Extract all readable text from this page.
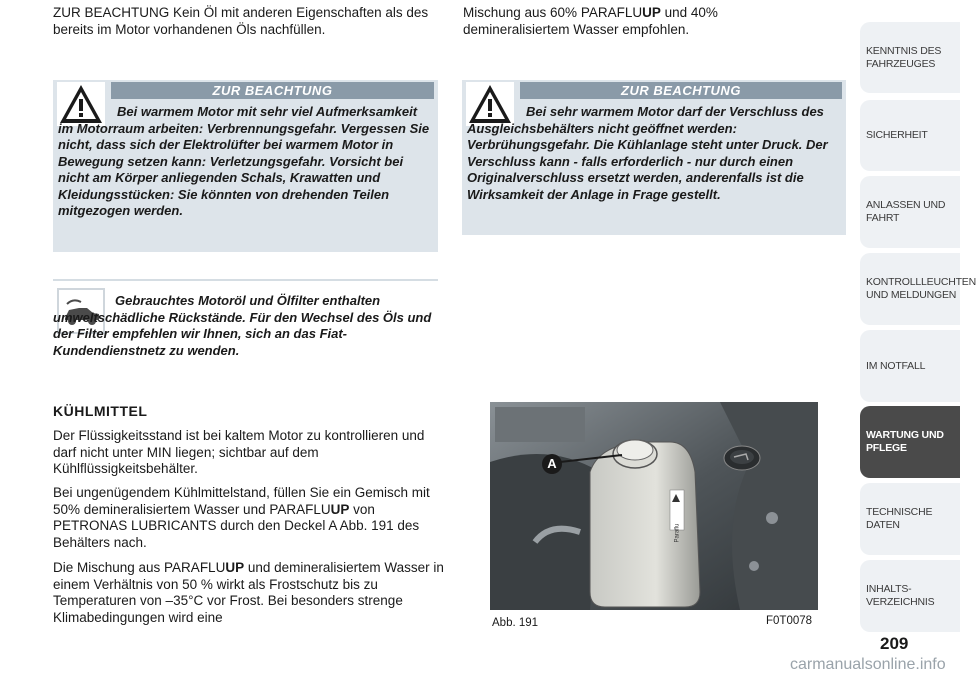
ZUR BEACHTUNG Kein Öl mit anderen Eigenschaften als des bereits im Motor vorhandenen Öls nachfüllen.
ZUR BEACHTUNG
Bei warmem Motor mit sehr viel Aufmerksamkeit im Motorraum arbeiten: Verbrennungsgefahr. Vergessen Sie nicht, dass sich der Elektrolüfter bei warmem Motor in Bewegung setzen kann: Verletzungsgefahr. Vorsicht bei nicht am Körper anliegenden Schals, Krawatten und Kleidungsstücken: Sie könnten von drehenden Teilen mitgezogen werden.
Gebrauchtes Motoröl und Ölfilter enthalten umweltschädliche Rückstände. Für den Wechsel des Öls und der Filter empfehlen wir Ihnen, sich an das Fiat-Kundendienstnetz zu wenden.
KÜHLMITTEL
Der Flüssigkeitsstand ist bei kaltem Motor zu kontrollieren und darf nicht unter MIN liegen; sichtbar auf dem Kühlflüssigkeitsbehälter.
Bei ungenügendem Kühlmittelstand, füllen Sie ein Gemisch mit 50% demineralisiertem Wasser und PARAFLUUP von PETRONAS LUBRICANTS durch den Deckel A Abb. 191 des Behälters nach.
Die Mischung aus PARAFLUUP und demineralisiertem Wasser in einem Verhältnis von 50 % wirkt als Frostschutz bis zu Temperaturen von –35°C vor Frost. Bei besonders strenge Klimabedingungen wird eine
Mischung aus 60% PARAFLUUP und 40% demineralisiertem Wasser empfohlen.
ZUR BEACHTUNG
Bei sehr warmem Motor darf der Verschluss des Ausgleichsbehälters nicht geöffnet werden: Verbrühungsgefahr. Die Kühlanlage steht unter Druck. Der Verschluss kann - falls erforderlich - nur durch einen Originalverschluss ersetzt werden, anderenfalls ist die Wirksamkeit der Anlage in Frage gestellt.
A
Paraflu
Abb. 191	F0T0078
KENNTNIS DES FAHRZEUGES
SICHERHEIT
ANLASSEN UND FAHRT
KONTROLLLEUCHTEN UND MELDUNGEN
IM NOTFALL
WARTUNG UND PFLEGE
TECHNISCHE DATEN
INHALTS-VERZEICHNIS
209
carmanualsonline.info
